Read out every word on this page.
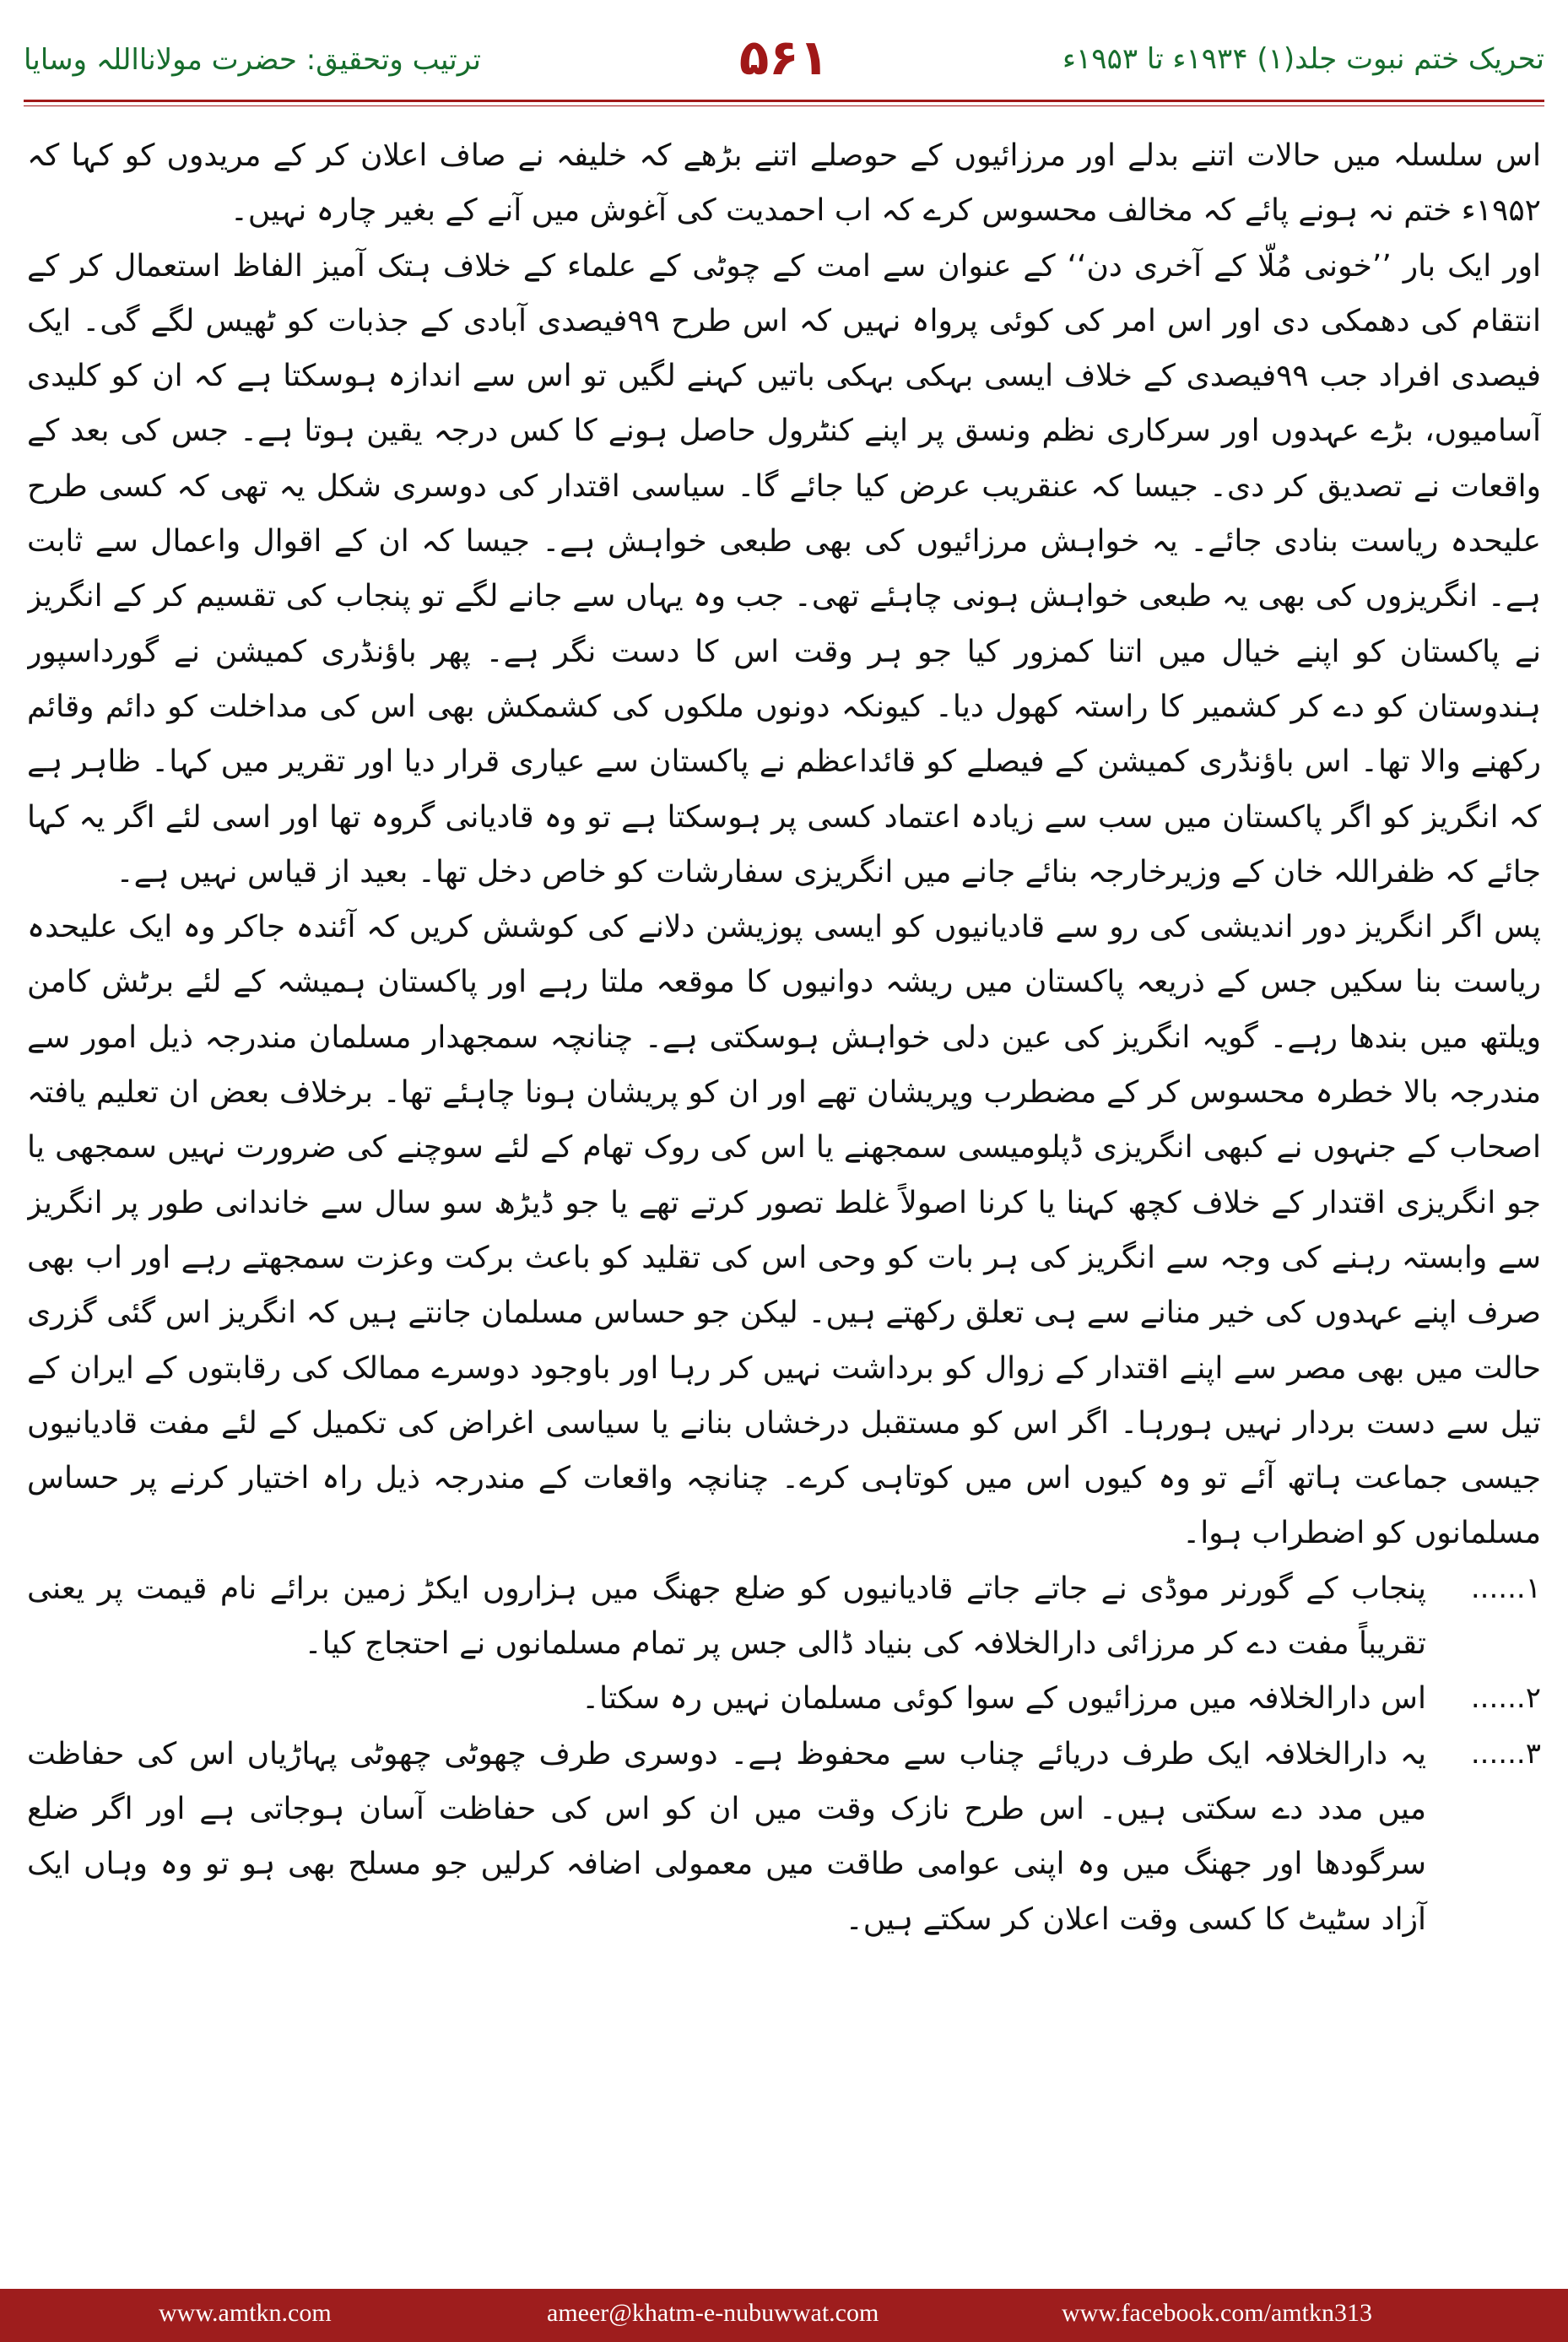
ترتیب وتحقیق: حضرت مولانااللہ وسایا	۵۶۱	تحریک ختم نبوت جلد(۱) ۱۹۳۴ء تا ۱۹۵۳ء

اس سلسلہ میں حالات اتنے بدلے اور مرزائیوں کے حوصلے اتنے بڑھے کہ خلیفہ نے صاف اعلان کر کے مریدوں کو کہا کہ ۱۹۵۲ء ختم نہ ہونے پائے کہ مخالف محسوس کرے کہ اب احمدیت کی آغوش میں آنے کے بغیر چارہ نہیں۔

اور ایک بار ’’خونی مُلّا کے آخری دن‘‘ کے عنوان سے امت کے چوٹی کے علماء کے خلاف ہتک آمیز الفاظ استعمال کر کے انتقام کی دھمکی دی اور اس امر کی کوئی پرواہ نہیں کہ اس طرح ۹۹فیصدی آبادی کے جذبات کو ٹھیس لگے گی۔ ایک فیصدی افراد جب ۹۹فیصدی کے خلاف ایسی بہکی بہکی باتیں کہنے لگیں تو اس سے اندازہ ہوسکتا ہے کہ ان کو کلیدی آسامیوں، بڑے عہدوں اور سرکاری نظم ونسق پر اپنے کنٹرول حاصل ہونے کا کس درجہ یقین ہوتا ہے۔ جس کی بعد کے واقعات نے تصدیق کر دی۔ جیسا کہ عنقریب عرض کیا جائے گا۔ سیاسی اقتدار کی دوسری شکل یہ تھی کہ کسی طرح علیحدہ ریاست بنادی جائے۔ یہ خواہش مرزائیوں کی بھی طبعی خواہش ہے۔ جیسا کہ ان کے اقوال واعمال سے ثابت ہے۔ انگریزوں کی بھی یہ طبعی خواہش ہونی چاہئے تھی۔ جب وہ یہاں سے جانے لگے تو پنجاب کی تقسیم کر کے انگریز نے پاکستان کو اپنے خیال میں اتنا کمزور کیا جو ہر وقت اس کا دست نگر ہے۔ پھر باؤنڈری کمیشن نے گورداسپور ہندوستان کو دے کر کشمیر کا راستہ کھول دیا۔ کیونکہ دونوں ملکوں کی کشمکش بھی اس کی مداخلت کو دائم وقائم رکھنے والا تھا۔ اس باؤنڈری کمیشن کے فیصلے کو قائداعظم نے پاکستان سے عیاری قرار دیا اور تقریر میں کہا۔ ظاہر ہے کہ انگریز کو اگر پاکستان میں سب سے زیادہ اعتماد کسی پر ہوسکتا ہے تو وہ قادیانی گروہ تھا اور اسی لئے اگر یہ کہا جائے کہ ظفراللہ خان کے وزیرخارجہ بنائے جانے میں انگریزی سفارشات کو خاص دخل تھا۔ بعید از قیاس نہیں ہے۔

پس اگر انگریز دور اندیشی کی رو سے قادیانیوں کو ایسی پوزیشن دلانے کی کوشش کریں کہ آئندہ جاکر وہ ایک علیحدہ ریاست بنا سکیں جس کے ذریعہ پاکستان میں ریشہ دوانیوں کا موقعہ ملتا رہے اور پاکستان ہمیشہ کے لئے برٹش کامن ویلتھ میں بندھا رہے۔ گویہ انگریز کی عین دلی خواہش ہوسکتی ہے۔ چنانچہ سمجھدار مسلمان مندرجہ ذیل امور سے مندرجہ بالا خطرہ محسوس کر کے مضطرب وپریشان تھے اور ان کو پریشان ہونا چاہئے تھا۔ برخلاف بعض ان تعلیم یافتہ اصحاب کے جنہوں نے کبھی انگریزی ڈپلومیسی سمجھنے یا اس کی روک تھام کے لئے سوچنے کی ضرورت نہیں سمجھی یا جو انگریزی اقتدار کے خلاف کچھ کہنا یا کرنا اصولاً غلط تصور کرتے تھے یا جو ڈیڑھ سو سال سے خاندانی طور پر انگریز سے وابستہ رہنے کی وجہ سے انگریز کی ہر بات کو وحی اس کی تقلید کو باعث برکت وعزت سمجھتے رہے اور اب بھی صرف اپنے عہدوں کی خیر منانے سے ہی تعلق رکھتے ہیں۔ لیکن جو حساس مسلمان جانتے ہیں کہ انگریز اس گئی گزری حالت میں بھی مصر سے اپنے اقتدار کے زوال کو برداشت نہیں کر رہا اور باوجود دوسرے ممالک کی رقابتوں کے ایران کے تیل سے دست بردار نہیں ہورہا۔ اگر اس کو مستقبل درخشاں بنانے یا سیاسی اغراض کی تکمیل کے لئے مفت قادیانیوں جیسی جماعت ہاتھ آئے تو وہ کیوں اس میں کوتاہی کرے۔ چنانچہ واقعات کے مندرجہ ذیل راہ اختیار کرنے پر حساس مسلمانوں کو اضطراب ہوا۔

۱......
پنجاب کے گورنر موڈی نے جاتے جاتے قادیانیوں کو ضلع جھنگ میں ہزاروں ایکڑ زمین برائے نام قیمت پر یعنی تقریباً مفت دے کر مرزائی دارالخلافہ کی بنیاد ڈالی جس پر تمام مسلمانوں نے احتجاج کیا۔
۲......
اس دارالخلافہ میں مرزائیوں کے سوا کوئی مسلمان نہیں رہ سکتا۔
۳......
یہ دارالخلافہ ایک طرف دریائے چناب سے محفوظ ہے۔ دوسری طرف چھوٹی چھوٹی پہاڑیاں اس کی حفاظت میں مدد دے سکتی ہیں۔ اس طرح نازک وقت میں ان کو اس کی حفاظت آسان ہوجاتی ہے اور اگر ضلع سرگودھا اور جھنگ میں وہ اپنی عوامی طاقت میں معمولی اضافہ کرلیں جو مسلح بھی ہو تو وہ وہاں ایک آزاد سٹیٹ کا کسی وقت اعلان کر سکتے ہیں۔
www.amtkn.com	ameer@khatm-e-nubuwwat.com	www.facebook.com/amtkn313
